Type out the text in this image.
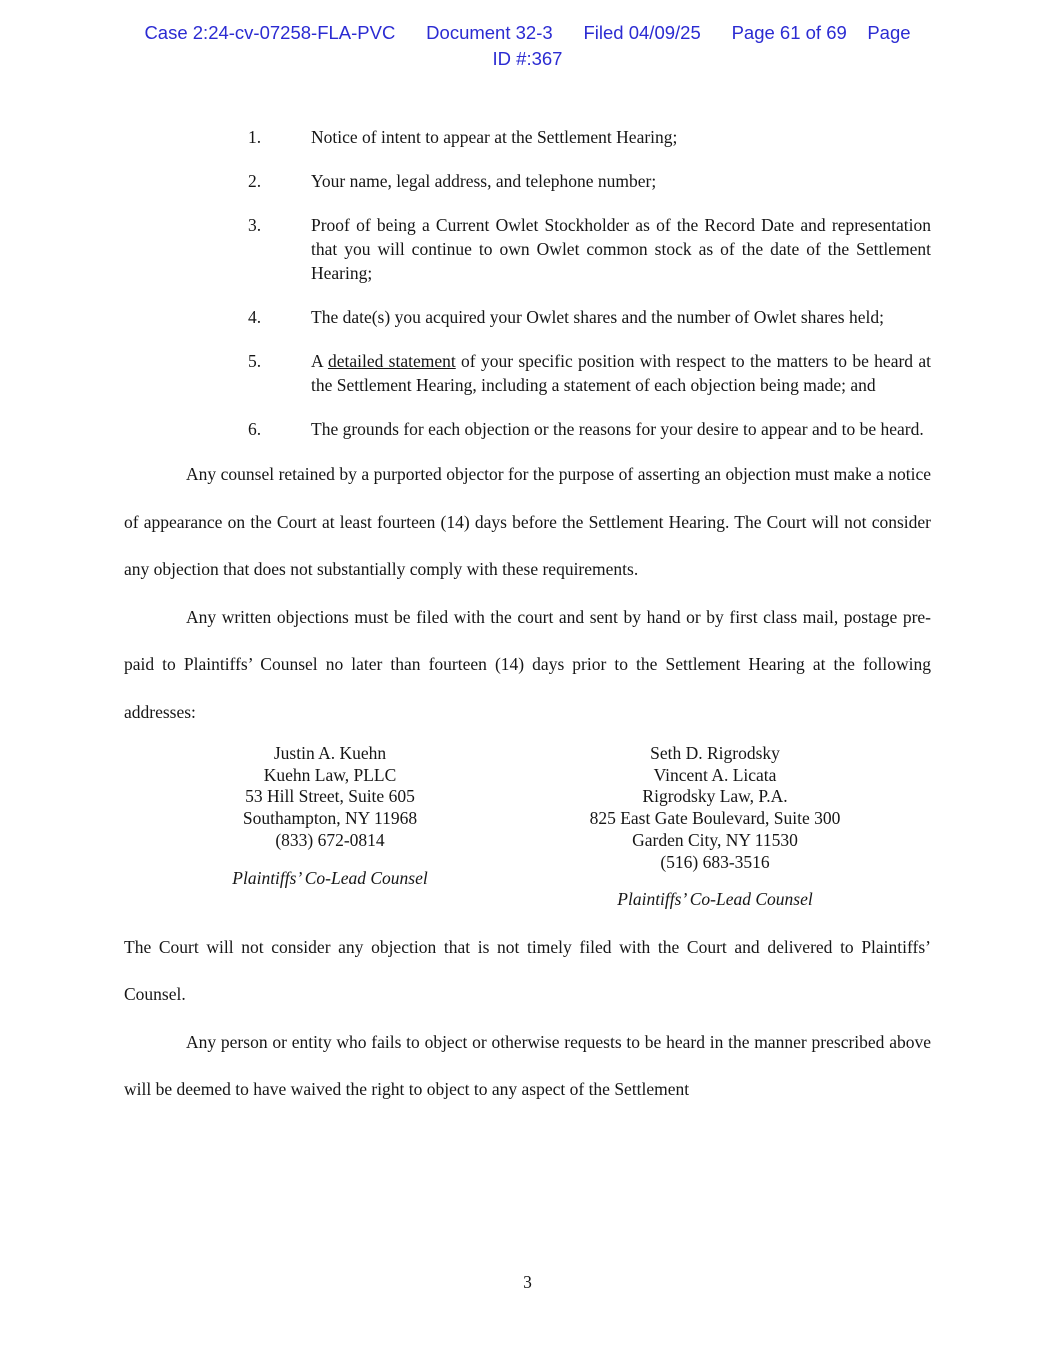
Case 2:24-cv-07258-FLA-PVC      Document 32-3      Filed 04/09/25      Page 61 of 69    Page
ID #:367
1.	Notice of intent to appear at the Settlement Hearing;
2.	Your name, legal address, and telephone number;
3.	Proof of being a Current Owlet Stockholder as of the Record Date and representation that you will continue to own Owlet common stock as of the date of the Settlement Hearing;
4.	The date(s) you acquired your Owlet shares and the number of Owlet shares held;
5.	A detailed statement of your specific position with respect to the matters to be heard at the Settlement Hearing, including a statement of each objection being made; and
6.	The grounds for each objection or the reasons for your desire to appear and to be heard.

Any counsel retained by a purported objector for the purpose of asserting an objection must make a notice of appearance on the Court at least fourteen (14) days before the Settlement Hearing. The Court will not consider any objection that does not substantially comply with these requirements.

Any written objections must be filed with the court and sent by hand or by first class mail, postage pre-paid to Plaintiffs’ Counsel no later than fourteen (14) days prior to the Settlement Hearing at the following addresses:

Justin A. Kuehn
Kuehn Law, PLLC
53 Hill Street, Suite 605
Southampton, NY 11968
(833) 672-0814
Plaintiffs’ Co-Lead Counsel
Seth D. Rigrodsky
Vincent A. Licata
Rigrodsky Law, P.A.
825 East Gate Boulevard, Suite 300
Garden City, NY 11530
(516) 683-3516
Plaintiffs’ Co-Lead Counsel

The Court will not consider any objection that is not timely filed with the Court and delivered to Plaintiffs’ Counsel.

Any person or entity who fails to object or otherwise requests to be heard in the manner prescribed above will be deemed to have waived the right to object to any aspect of the Settlement

3
